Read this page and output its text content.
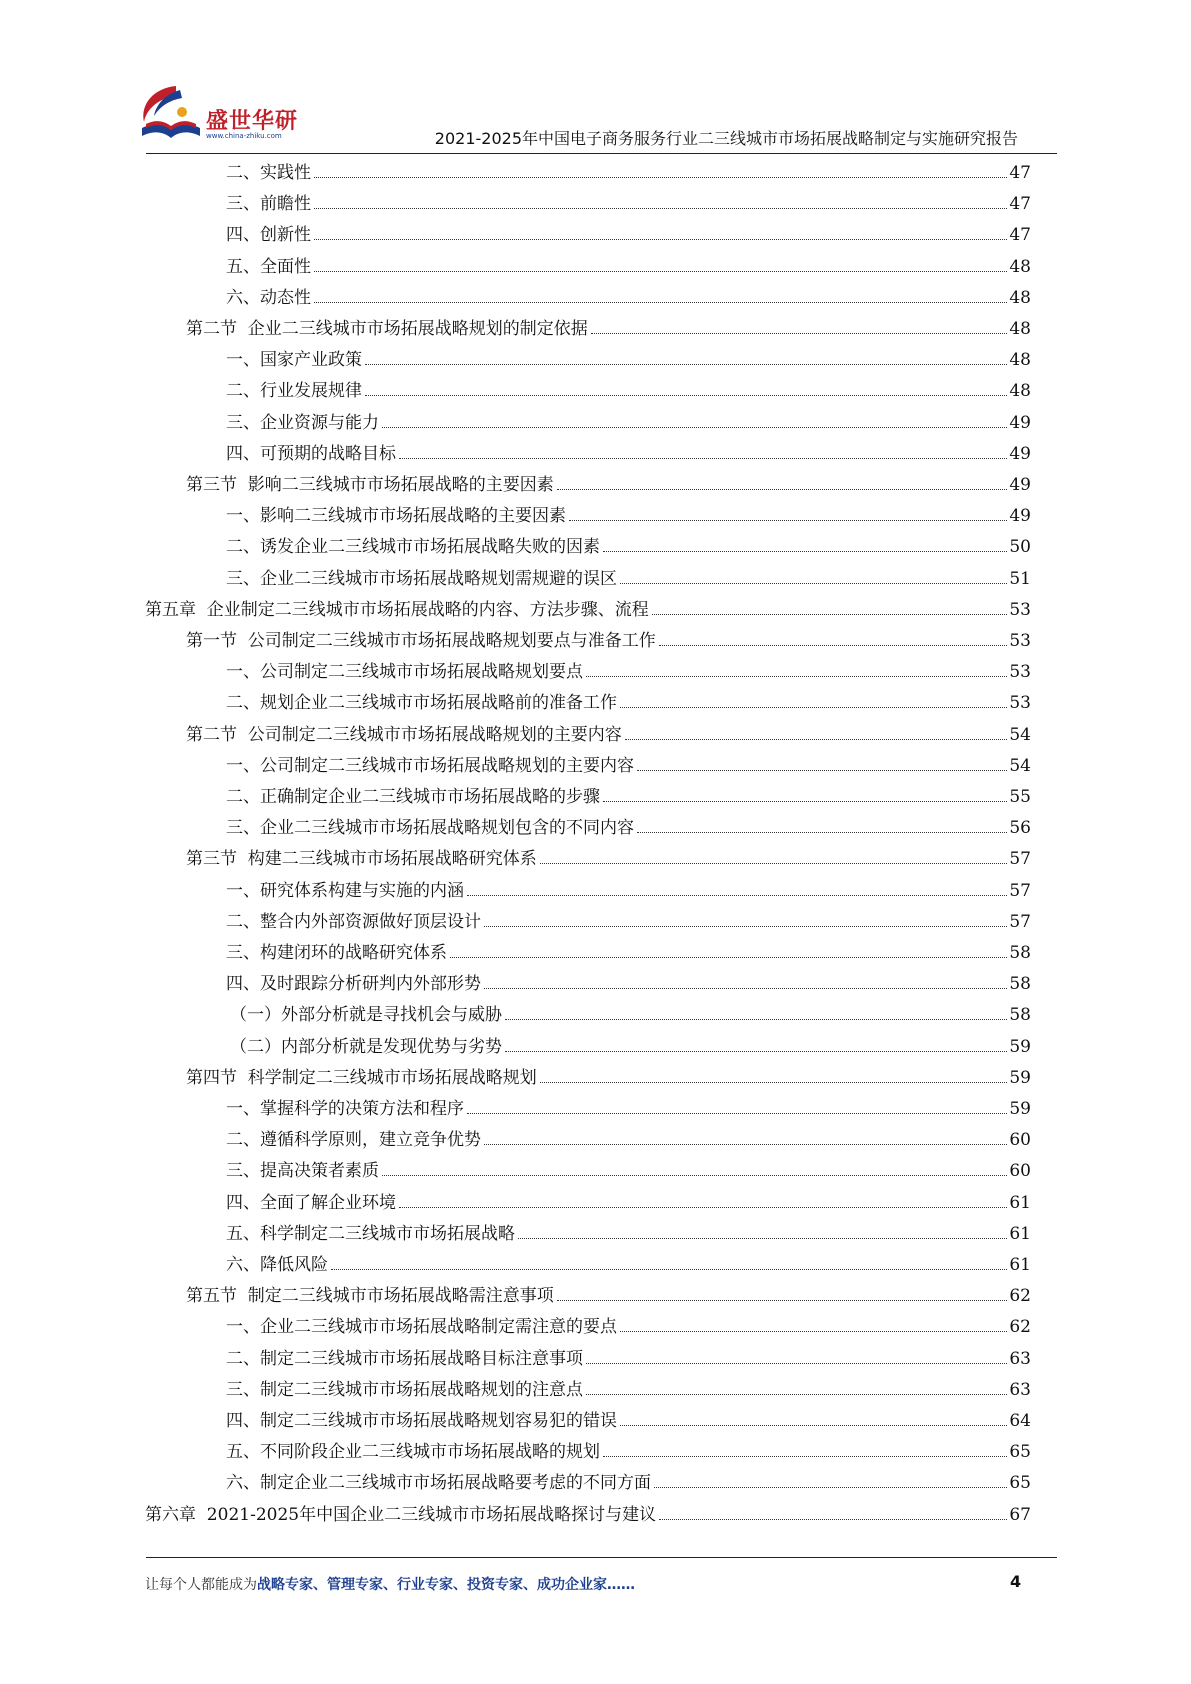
盛世华研
www.china-zhiku.com	2021-2025年中国电子商务服务行业二三线城市市场拓展战略制定与实施研究报告
二、实践性	47
三、前瞻性	47
四、创新性	47
五、全面性	48
六、动态性	48
第二节  企业二三线城市市场拓展战略规划的制定依据	48
一、国家产业政策	48
二、行业发展规律	48
三、企业资源与能力	49
四、可预期的战略目标	49
第三节  影响二三线城市市场拓展战略的主要因素	49
一、影响二三线城市市场拓展战略的主要因素	49
二、诱发企业二三线城市市场拓展战略失败的因素	50
三、企业二三线城市市场拓展战略规划需规避的误区	51
第五章  企业制定二三线城市市场拓展战略的内容、方法步骤、流程	53
第一节  公司制定二三线城市市场拓展战略规划要点与准备工作	53
一、公司制定二三线城市市场拓展战略规划要点	53
二、规划企业二三线城市市场拓展战略前的准备工作	53
第二节  公司制定二三线城市市场拓展战略规划的主要内容	54
一、公司制定二三线城市市场拓展战略规划的主要内容	54
二、正确制定企业二三线城市市场拓展战略的步骤	55
三、企业二三线城市市场拓展战略规划包含的不同内容	56
第三节  构建二三线城市市场拓展战略研究体系	57
一、研究体系构建与实施的内涵	57
二、整合内外部资源做好顶层设计	57
三、构建闭环的战略研究体系	58
四、及时跟踪分析研判内外部形势	58
（一）外部分析就是寻找机会与威胁	58
（二）内部分析就是发现优势与劣势	59
第四节  科学制定二三线城市市场拓展战略规划	59
一、掌握科学的决策方法和程序	59
二、遵循科学原则，建立竞争优势	60
三、提高决策者素质	60
四、全面了解企业环境	61
五、科学制定二三线城市市场拓展战略	61
六、降低风险	61
第五节  制定二三线城市市场拓展战略需注意事项	62
一、企业二三线城市市场拓展战略制定需注意的要点	62
二、制定二三线城市市场拓展战略目标注意事项	63
三、制定二三线城市市场拓展战略规划的注意点	63
四、制定二三线城市市场拓展战略规划容易犯的错误	64
五、不同阶段企业二三线城市市场拓展战略的规划	65
六、制定企业二三线城市市场拓展战略要考虑的不同方面	65
第六章  2021-2025年中国企业二三线城市市场拓展战略探讨与建议	67
让每个人都能成为战略专家、管理专家、行业专家、投资专家、成功企业家……	4
